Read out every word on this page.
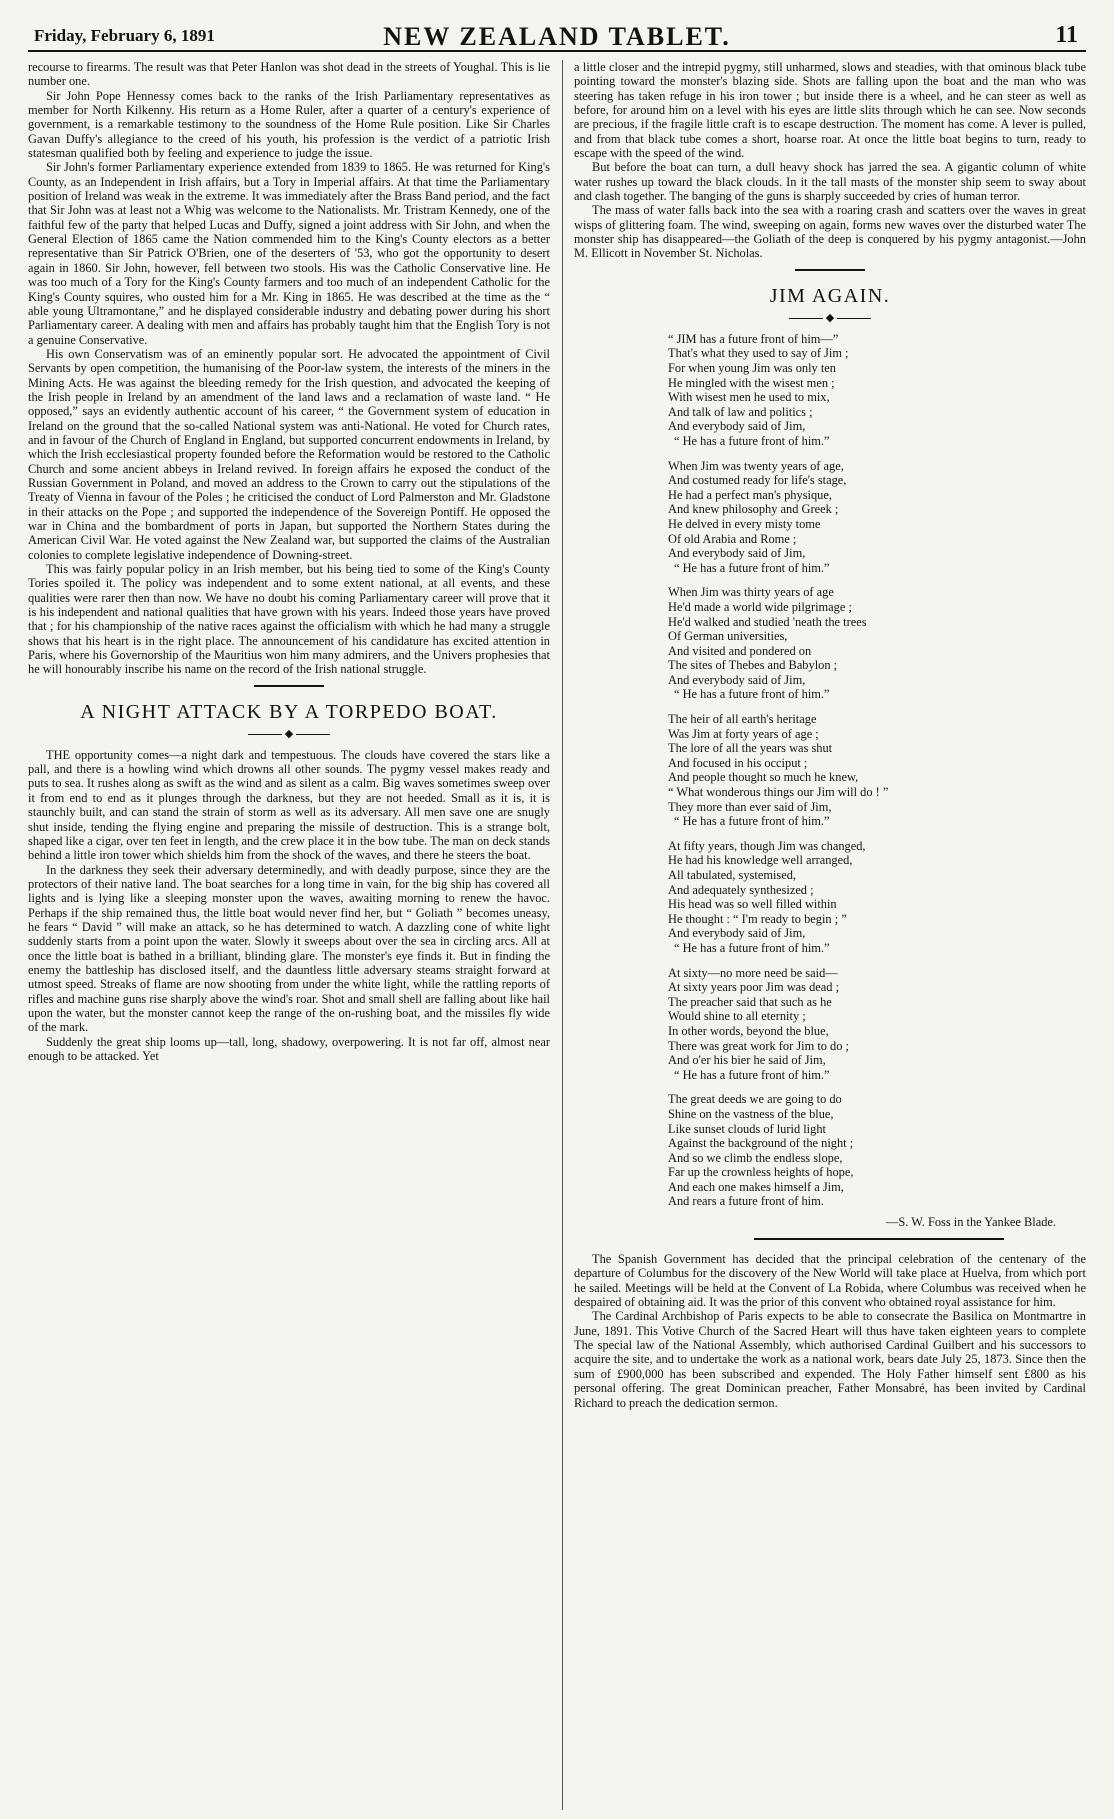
Friday, February 6, 1891	NEW ZEALAND TABLET.	11

recourse to firearms. The result was that Peter Hanlon was shot dead in the streets of Youghal. This is lie number one.

Sir John Pope Hennessy comes back to the ranks of the Irish Parliamentary representatives as member for North Kilkenny. His return as a Home Ruler, after a quarter of a century's experience of government, is a remarkable testimony to the soundness of the Home Rule position. Like Sir Charles Gavan Duffy's allegiance to the creed of his youth, his profession is the verdict of a patriotic Irish statesman qualified both by feeling and experience to judge the issue.

Sir John's former Parliamentary experience extended from 1839 to 1865. He was returned for King's County, as an Independent in Irish affairs, but a Tory in Imperial affairs. At that time the Parliamentary position of Ireland was weak in the extreme. It was immediately after the Brass Band period, and the fact that Sir John was at least not a Whig was welcome to the Nationalists. Mr. Tristram Kennedy, one of the faithful few of the party that helped Lucas and Duffy, signed a joint address with Sir John, and when the General Election of 1865 came the Nation commended him to the King's County electors as a better representative than Sir Patrick O'Brien, one of the deserters of '53, who got the opportunity to desert again in 1860. Sir John, however, fell between two stools. His was the Catholic Conservative line. He was too much of a Tory for the King's County farmers and too much of an independent Catholic for the King's County squires, who ousted him for a Mr. King in 1865. He was described at the time as the “ able young Ultramontane,” and he displayed considerable industry and debating power during his short Parliamentary career. A dealing with men and affairs has probably taught him that the English Tory is not a genuine Conservative.

His own Conservatism was of an eminently popular sort. He advocated the appointment of Civil Servants by open competition, the humanising of the Poor-law system, the interests of the miners in the Mining Acts. He was against the bleeding remedy for the Irish question, and advocated the keeping of the Irish people in Ireland by an amendment of the land laws and a reclamation of waste land. “ He opposed,” says an evidently authentic account of his career, “ the Government system of education in Ireland on the ground that the so-called National system was anti-National. He voted for Church rates, and in favour of the Church of England in England, but supported concurrent endowments in Ireland, by which the Irish ecclesiastical property founded before the Reformation would be restored to the Catholic Church and some ancient abbeys in Ireland revived. In foreign affairs he exposed the conduct of the Russian Government in Poland, and moved an address to the Crown to carry out the stipulations of the Treaty of Vienna in favour of the Poles ; he criticised the conduct of Lord Palmerston and Mr. Gladstone in their attacks on the Pope ; and supported the independence of the Sovereign Pontiff. He opposed the war in China and the bombardment of ports in Japan, but supported the Northern States during the American Civil War. He voted against the New Zealand war, but supported the claims of the Australian colonies to complete legislative independence of Downing-street.

This was fairly popular policy in an Irish member, but his being tied to some of the King's County Tories spoiled it. The policy was independent and to some extent national, at all events, and these qualities were rarer then than now. We have no doubt his coming Parliamentary career will prove that it is his independent and national qualities that have grown with his years. Indeed those years have proved that ; for his championship of the native races against the officialism with which he had many a struggle shows that his heart is in the right place. The announcement of his candidature has excited attention in Paris, where his Governorship of the Mauritius won him many admirers, and the Univers prophesies that he will honourably inscribe his name on the record of the Irish national struggle.

A NIGHT ATTACK BY A TORPEDO BOAT.
◆

THE opportunity comes—a night dark and tempestuous. The clouds have covered the stars like a pall, and there is a howling wind which drowns all other sounds. The pygmy vessel makes ready and puts to sea. It rushes along as swift as the wind and as silent as a calm. Big waves sometimes sweep over it from end to end as it plunges through the darkness, but they are not heeded. Small as it is, it is staunchly built, and can stand the strain of storm as well as its adversary. All men save one are snugly shut inside, tending the flying engine and preparing the missile of destruction. This is a strange bolt, shaped like a cigar, over ten feet in length, and the crew place it in the bow tube. The man on deck stands behind a little iron tower which shields him from the shock of the waves, and there he steers the boat.

In the darkness they seek their adversary determinedly, and with deadly purpose, since they are the protectors of their native land. The boat searches for a long time in vain, for the big ship has covered all lights and is lying like a sleeping monster upon the waves, awaiting morning to renew the havoc. Perhaps if the ship remained thus, the little boat would never find her, but “ Goliath ” becomes uneasy, he fears “ David ” will make an attack, so he has determined to watch. A dazzling cone of white light suddenly starts from a point upon the water. Slowly it sweeps about over the sea in circling arcs. All at once the little boat is bathed in a brilliant, blinding glare. The monster's eye finds it. But in finding the enemy the battleship has disclosed itself, and the dauntless little adversary steams straight forward at utmost speed. Streaks of flame are now shooting from under the white light, while the rattling reports of rifles and machine guns rise sharply above the wind's roar. Shot and small shell are falling about like hail upon the water, but the monster cannot keep the range of the on-rushing boat, and the missiles fly wide of the mark.

Suddenly the great ship looms up—tall, long, shadowy, overpowering. It is not far off, almost near enough to be attacked. Yet

a little closer and the intrepid pygmy, still unharmed, slows and steadies, with that ominous black tube pointing toward the monster's blazing side. Shots are falling upon the boat and the man who was steering has taken refuge in his iron tower ; but inside there is a wheel, and he can steer as well as before, for around him on a level with his eyes are little slits through which he can see. Now seconds are precious, if the fragile little craft is to escape destruction. The moment has come. A lever is pulled, and from that black tube comes a short, hoarse roar. At once the little boat begins to turn, ready to escape with the speed of the wind.

But before the boat can turn, a dull heavy shock has jarred the sea. A gigantic column of white water rushes up toward the black clouds. In it the tall masts of the monster ship seem to sway about and clash together. The banging of the guns is sharply succeeded by cries of human terror.

The mass of water falls back into the sea with a roaring crash and scatters over the waves in great wisps of glittering foam. The wind, sweeping on again, forms new waves over the disturbed water The monster ship has disappeared—the Goliath of the deep is conquered by his pygmy antagonist.—John M. Ellicott in November St. Nicholas.

JIM AGAIN.
◆
“ JIM has a future front of him—”
That's what they used to say of Jim ;
For when young Jim was only ten
He mingled with the wisest men ;
With wisest men he used to mix,
And talk of law and politics ;
And everybody said of Jim,
“ He has a future front of him.”
When Jim was twenty years of age,
And costumed ready for life's stage,
He had a perfect man's physique,
And knew philosophy and Greek ;
He delved in every misty tome
Of old Arabia and Rome ;
And everybody said of Jim,
“ He has a future front of him.”
When Jim was thirty years of age
He'd made a world wide pilgrimage ;
He'd walked and studied 'neath the trees
Of German universities,
And visited and pondered on
The sites of Thebes and Babylon ;
And everybody said of Jim,
“ He has a future front of him.”
The heir of all earth's heritage
Was Jim at forty years of age ;
The lore of all the years was shut
And focused in his occiput ;
And people thought so much he knew,
“ What wonderous things our Jim will do ! ”
They more than ever said of Jim,
“ He has a future front of him.”
At fifty years, though Jim was changed,
He had his knowledge well arranged,
All tabulated, systemised,
And adequately synthesized ;
His head was so well filled within
He thought : “ I'm ready to begin ; ”
And everybody said of Jim,
“ He has a future front of him.”
At sixty—no more need be said—
At sixty years poor Jim was dead ;
The preacher said that such as he
Would shine to all eternity ;
In other words, beyond the blue,
There was great work for Jim to do ;
And o'er his bier he said of Jim,
“ He has a future front of him.”
The great deeds we are going to do
Shine on the vastness of the blue,
Like sunset clouds of lurid light
Against the background of the night ;
And so we climb the endless slope,
Far up the crownless heights of hope,
And each one makes himself a Jim,
And rears a future front of him.
—S. W. Foss in the Yankee Blade.

The Spanish Government has decided that the principal celebration of the centenary of the departure of Columbus for the discovery of the New World will take place at Huelva, from which port he sailed. Meetings will be held at the Convent of La Robida, where Columbus was received when he despaired of obtaining aid. It was the prior of this convent who obtained royal assistance for him.

The Cardinal Archbishop of Paris expects to be able to consecrate the Basilica on Montmartre in June, 1891. This Votive Church of the Sacred Heart will thus have taken eighteen years to complete The special law of the National Assembly, which authorised Cardinal Guilbert and his successors to acquire the site, and to undertake the work as a national work, bears date July 25, 1873. Since then the sum of £900,000 has been subscribed and expended. The Holy Father himself sent £800 as his personal offering. The great Dominican preacher, Father Monsabré, has been invited by Cardinal Richard to preach the dedication sermon.
